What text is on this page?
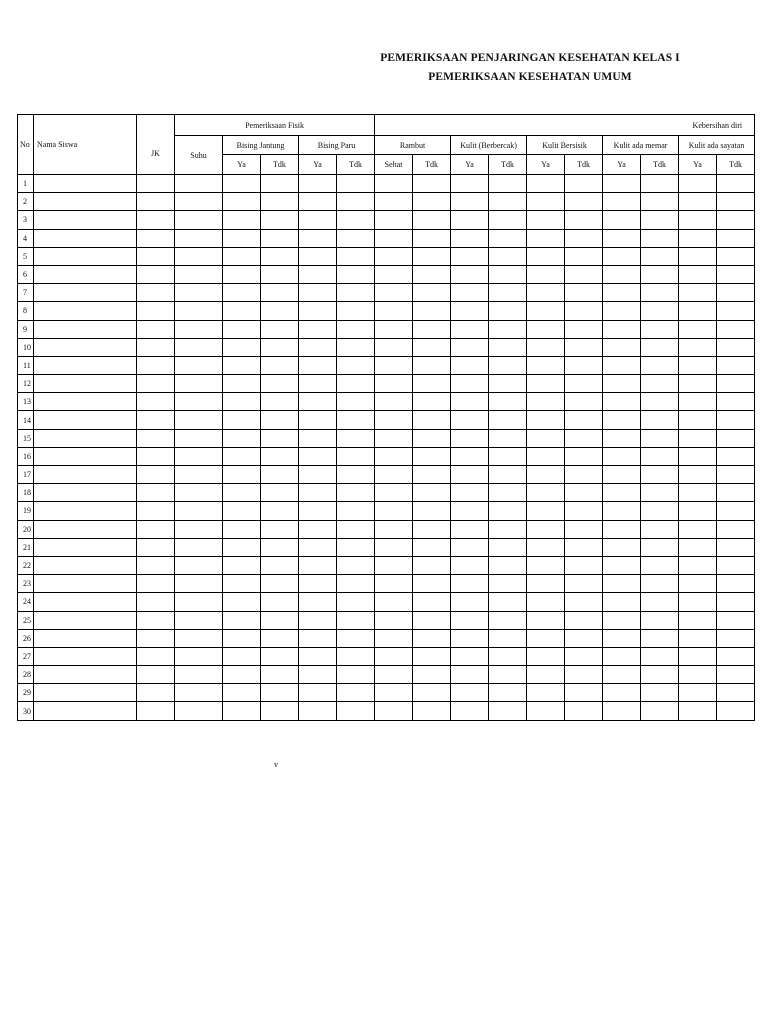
PEMERIKSAAN PENJARINGAN KESEHATAN KELAS I
PEMERIKSAAN KESEHATAN UMUM
No	Nama Siswa	JK	Pemeriksaan Fisik					Kebersihan diri									
			Suhu	Bising Jantung		Bising Paru		Rambut		Kulit (Berbercak)		Kulit Bersisik		Kulit ada memar		Kulit ada sayatan	
				Ya	Tdk	Ya	Tdk	Sehat	Tdk	Ya	Tdk	Ya	Tdk	Ya	Tdk	Ya	Tdk
1																	
2																	
3																	
4																	
5																	
6																	
7																	
8																	
9																	
10																	
11																	
12																	
13																	
14																	
15																	
16																	
17																	
18																	
19																	
20																	
21																	
22																	
23																	
24																	
25																	
26																	
27																	
28																	
29																	
30																	
v
